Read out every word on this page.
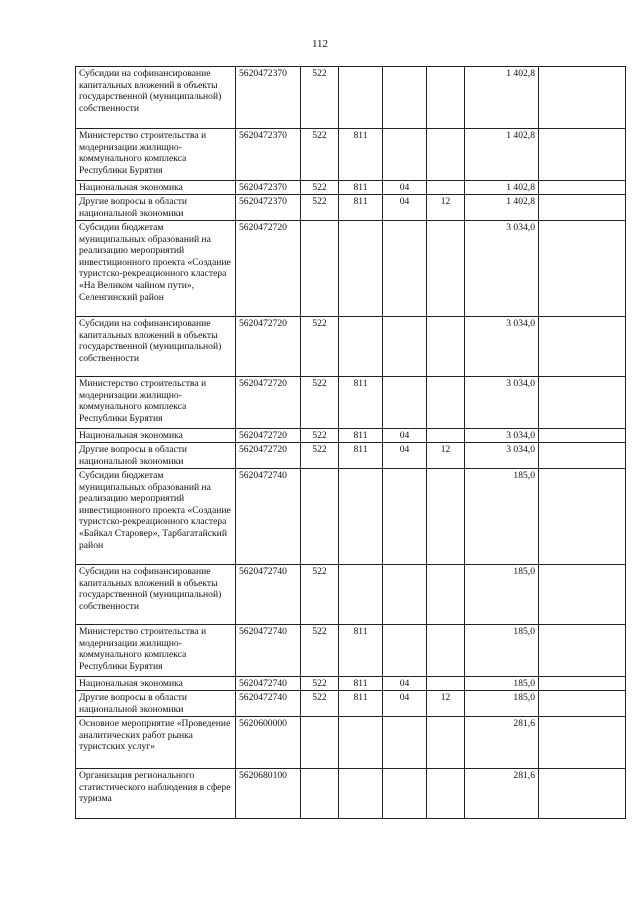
112
Субсидии на софинансирование капитальных вложений в объекты государственной (муниципальной) собственности	5620472370	522				1 402,8	
Министерство строительства и модернизации жилищно-коммунального комплекса Республики Бурятия	5620472370	522	811			1 402,8	
Национальная экономика	5620472370	522	811	04		1 402,8	
Другие вопросы в области национальной экономики	5620472370	522	811	04	12	1 402,8	
Субсидии бюджетам муниципальных образований на реализацию мероприятий инвестиционного проекта «Создание туристско-рекреационного кластера «На Великом чайном пути», Селенгинский район	5620472720					3 034,0	
Субсидии на софинансирование капитальных вложений в объекты государственной (муниципальной) собственности	5620472720	522				3 034,0	
Министерство строительства и модернизации жилищно-коммунального комплекса Республики Бурятия	5620472720	522	811			3 034,0	
Национальная экономика	5620472720	522	811	04		3 034,0	
Другие вопросы в области национальной экономики	5620472720	522	811	04	12	3 034,0	
Субсидии бюджетам муниципальных образований на реализацию мероприятий инвестиционного проекта «Создание туристско-рекреационного кластера «Байкал Старовер», Тарбагатайский район	5620472740					185,0	
Субсидии на софинансирование капитальных вложений в объекты государственной (муниципальной) собственности	5620472740	522				185,0	
Министерство строительства и модернизации жилищно-коммунального комплекса Республики Бурятия	5620472740	522	811			185,0	
Национальная экономика	5620472740	522	811	04		185,0	
Другие вопросы в области национальной экономики	5620472740	522	811	04	12	185,0	
Основное мероприятие «Проведение аналитических работ рынка туристских услуг»	5620600000					281,6	
Организация регионального статистического наблюдения в сфере туризма	5620680100					281,6	
